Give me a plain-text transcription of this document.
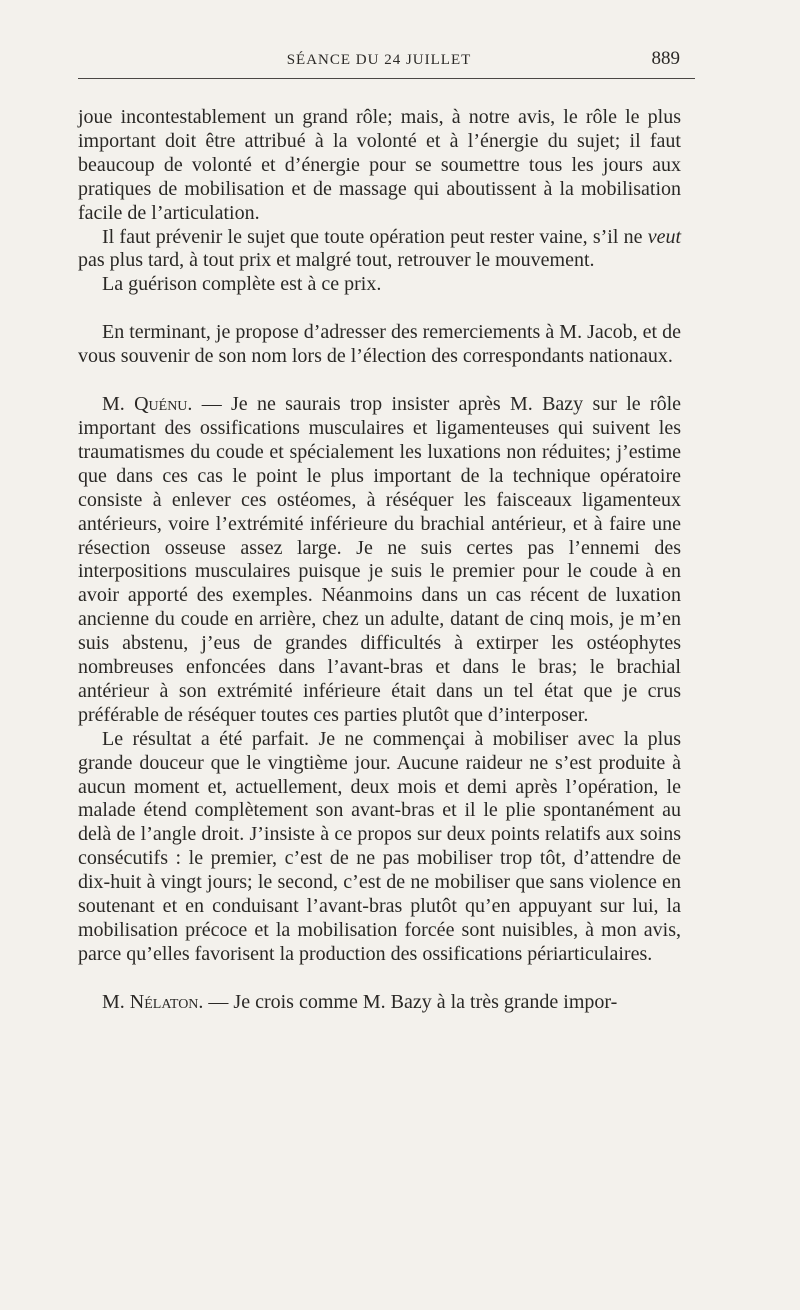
SÉANCE DU 24 JUILLET	889

joue incontestablement un grand rôle; mais, à notre avis, le rôle le plus important doit être attribué à la volonté et à l’énergie du sujet; il faut beaucoup de volonté et d’énergie pour se soumettre tous les jours aux pratiques de mobilisation et de massage qui aboutissent à la mobilisation facile de l’articulation.

Il faut prévenir le sujet que toute opération peut rester vaine, s’il ne veut pas plus tard, à tout prix et malgré tout, retrouver le mouvement.

La guérison complète est à ce prix.

En terminant, je propose d’adresser des remerciements à M. Jacob, et de vous souvenir de son nom lors de l’élection des correspondants nationaux.

M. Quénu. — Je ne saurais trop insister après M. Bazy sur le rôle important des ossifications musculaires et ligamenteuses qui suivent les traumatismes du coude et spécialement les luxations non réduites; j’estime que dans ces cas le point le plus important de la technique opératoire consiste à enlever ces ostéomes, à réséquer les faisceaux ligamenteux antérieurs, voire l’extrémité inférieure du brachial antérieur, et à faire une résection osseuse assez large. Je ne suis certes pas l’ennemi des interpositions musculaires puisque je suis le premier pour le coude à en avoir apporté des exemples. Néanmoins dans un cas récent de luxation ancienne du coude en arrière, chez un adulte, datant de cinq mois, je m’en suis abstenu, j’eus de grandes difficultés à extirper les ostéophytes nombreuses enfoncées dans l’avant-bras et dans le bras; le brachial antérieur à son extrémité inférieure était dans un tel état que je crus préférable de réséquer toutes ces parties plutôt que d’interposer.

Le résultat a été parfait. Je ne commençai à mobiliser avec la plus grande douceur que le vingtième jour. Aucune raideur ne s’est produite à aucun moment et, actuellement, deux mois et demi après l’opération, le malade étend complètement son avant-bras et il le plie spontanément au delà de l’angle droit. J’insiste à ce propos sur deux points relatifs aux soins consécutifs : le premier, c’est de ne pas mobiliser trop tôt, d’attendre de dix-huit à vingt jours; le second, c’est de ne mobiliser que sans violence en soutenant et en conduisant l’avant-bras plutôt qu’en appuyant sur lui, la mobilisation précoce et la mobilisation forcée sont nuisibles, à mon avis, parce qu’elles favorisent la production des ossifications périarticulaires.

M. Nélaton. — Je crois comme M. Bazy à la très grande impor-
